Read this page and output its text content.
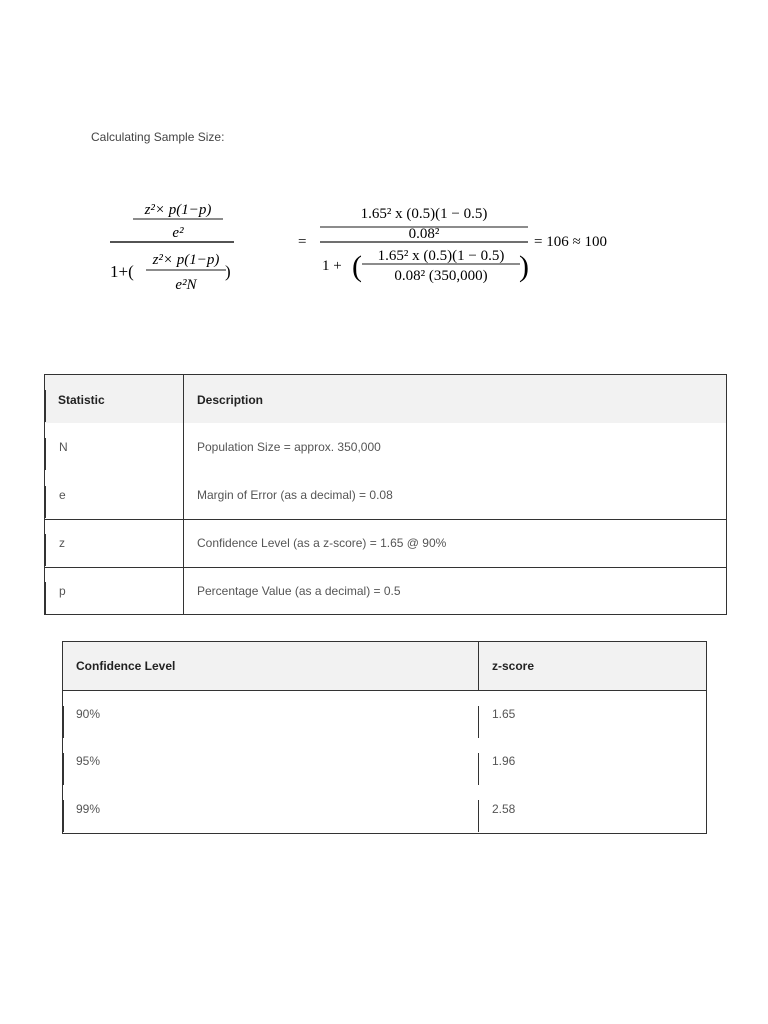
Calculating Sample Size:
z²× p(1−p)
e²
1+(
z²× p(1−p)
e²N
)
=
1.65² x (0.5)(1 − 0.5)
0.08²
1 + ( 1.65² x (0.5)(1 − 0.5)
0.08² (350,000) )
= 106 ≈ 100
Statistic	Description
N	Population Size = approx. 350,000
e	Margin of Error (as a decimal) = 0.08
z	Confidence Level (as a z-score) = 1.65 @ 90%
p	Percentage Value (as a decimal) = 0.5
Confidence Level	z-score
90%	1.65
95%	1.96
99%	2.58
